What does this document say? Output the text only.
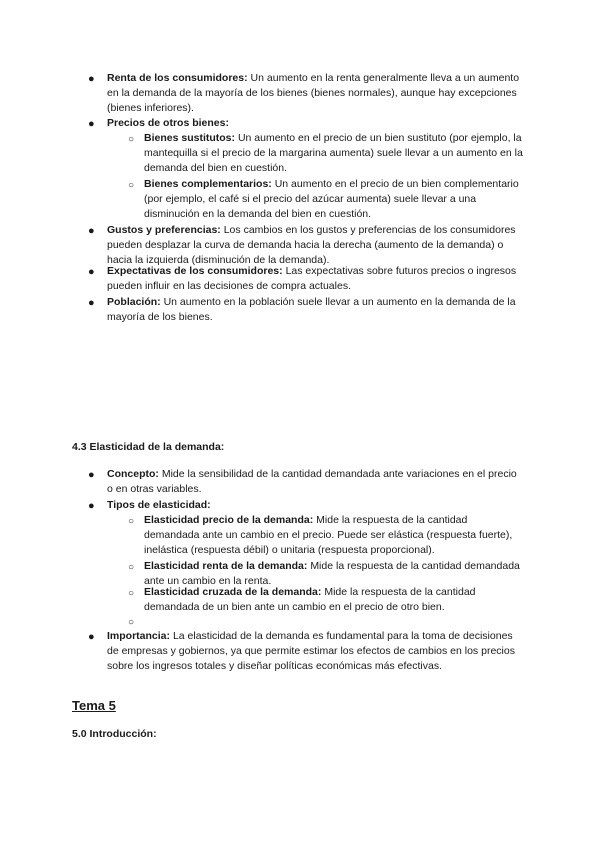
● Renta de los consumidores: Un aumento en la renta generalmente lleva a un aumento en la demanda de la mayoría de los bienes (bienes normales), aunque hay excepciones (bienes inferiores).
● Precios de otros bienes:
○ Bienes sustitutos: Un aumento en el precio de un bien sustituto (por ejemplo, la mantequilla si el precio de la margarina aumenta) suele llevar a un aumento en la demanda del bien en cuestión.
○ Bienes complementarios: Un aumento en el precio de un bien complementario (por ejemplo, el café si el precio del azúcar aumenta) suele llevar a una disminución en la demanda del bien en cuestión.
● Gustos y preferencias: Los cambios en los gustos y preferencias de los consumidores pueden desplazar la curva de demanda hacia la derecha (aumento de la demanda) o hacia la izquierda (disminución de la demanda).
● Expectativas de los consumidores: Las expectativas sobre futuros precios o ingresos pueden influir en las decisiones de compra actuales.
● Población: Un aumento en la población suele llevar a un aumento en la demanda de la mayoría de los bienes.
4.3 Elasticidad de la demanda:
● Concepto: Mide la sensibilidad de la cantidad demandada ante variaciones en el precio o en otras variables.
● Tipos de elasticidad:
○ Elasticidad precio de la demanda: Mide la respuesta de la cantidad demandada ante un cambio en el precio. Puede ser elástica (respuesta fuerte), inelástica (respuesta débil) o unitaria (respuesta proporcional).
○ Elasticidad renta de la demanda: Mide la respuesta de la cantidad demandada ante un cambio en la renta.
○ Elasticidad cruzada de la demanda: Mide la respuesta de la cantidad demandada de un bien ante un cambio en el precio de otro bien.
○
● Importancia: La elasticidad de la demanda es fundamental para la toma de decisiones de empresas y gobiernos, ya que permite estimar los efectos de cambios en los precios sobre los ingresos totales y diseñar políticas económicas más efectivas.
Tema 5
5.0 Introducción:
